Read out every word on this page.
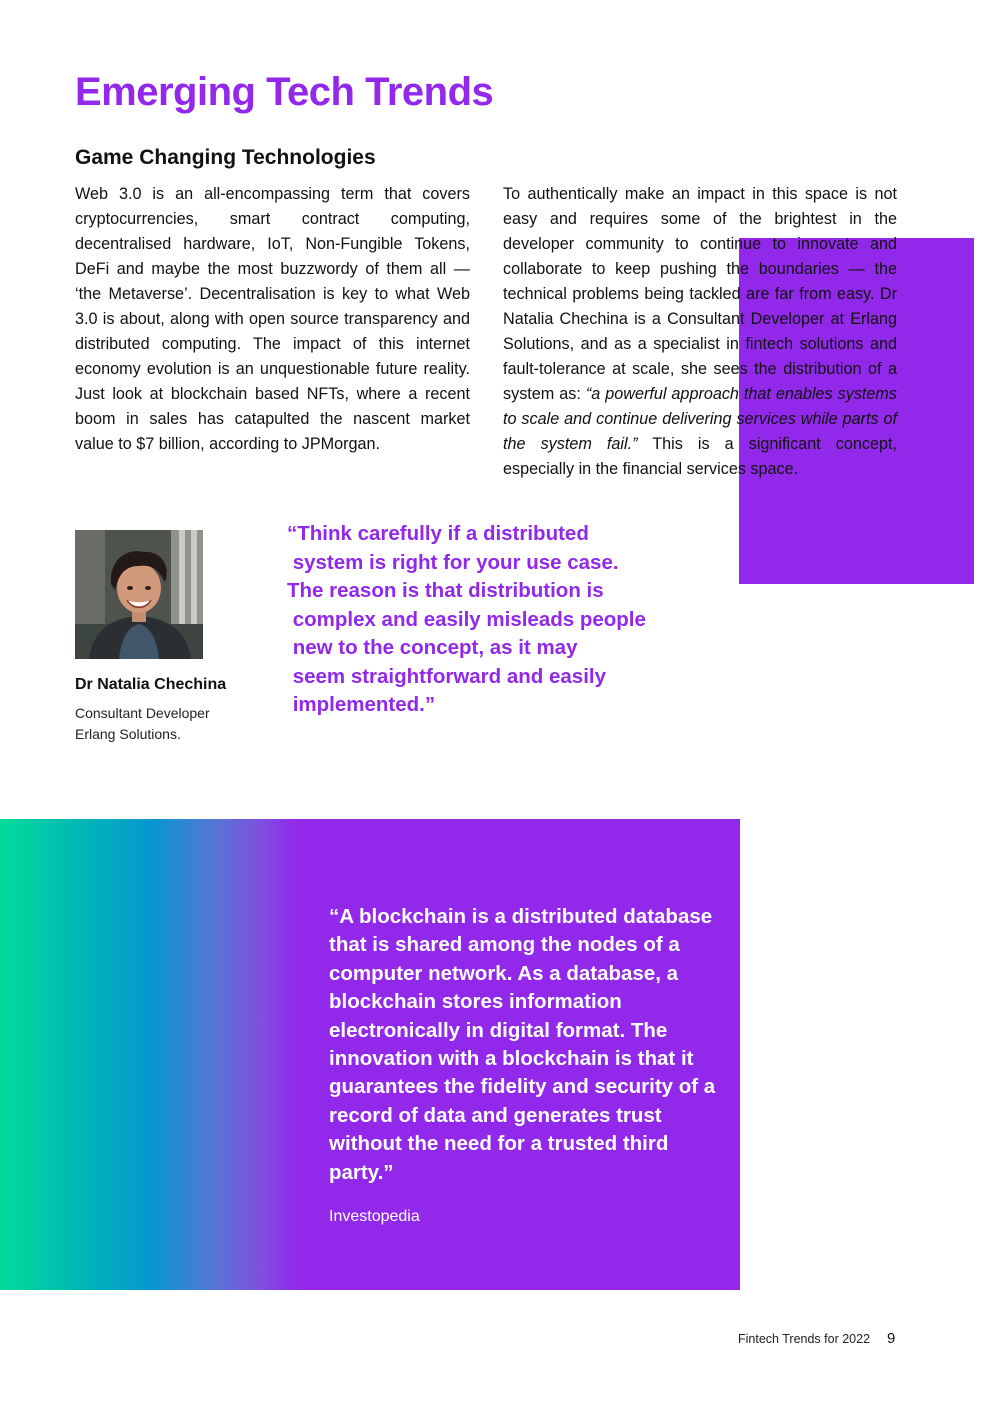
Emerging Tech Trends
Game Changing Technologies

Web 3.0 is an all-encompassing term that covers cryptocurrencies, smart contract computing, decentralised hardware, IoT, Non-Fungible Tokens, DeFi and maybe the most buzzwordy of them all — ‘the Metaverse’. Decentralisation is key to what Web 3.0 is about, along with open source transparency and distributed computing. The impact of this internet economy evolution is an unquestionable future reality. Just look at blockchain based NFTs, where a recent boom in sales has catapulted the nascent market value to $7 billion, according to JPMorgan.

To authentically make an impact in this space is not easy and requires some of the brightest in the developer community to continue to innovate and collaborate to keep pushing the boundaries — the technical problems being tackled are far from easy. Dr Natalia Chechina is a Consultant Developer at Erlang Solutions, and as a specialist in fintech solutions and fault-tolerance at scale, she sees the distribution of a system as: “a powerful approach that enables systems to scale and continue delivering services while parts of the system fail.” This is a significant concept, especially in the financial services space.

Dr Natalia Chechina

Consultant Developer
Erlang Solutions.

“Think carefully if a distributed
system is right for your use case.
The reason is that distribution is
complex and easily misleads people
new to the concept, as it may
seem straightforward and easily
implemented.”

“A blockchain is a distributed database that is shared among the nodes of a computer network. As a database, a blockchain stores information electronically in digital format. The innovation with a blockchain is that it guarantees the fidelity and security of a record of data and generates trust without the need for a trusted third party.”

Investopedia

Fintech Trends for 2022 9
